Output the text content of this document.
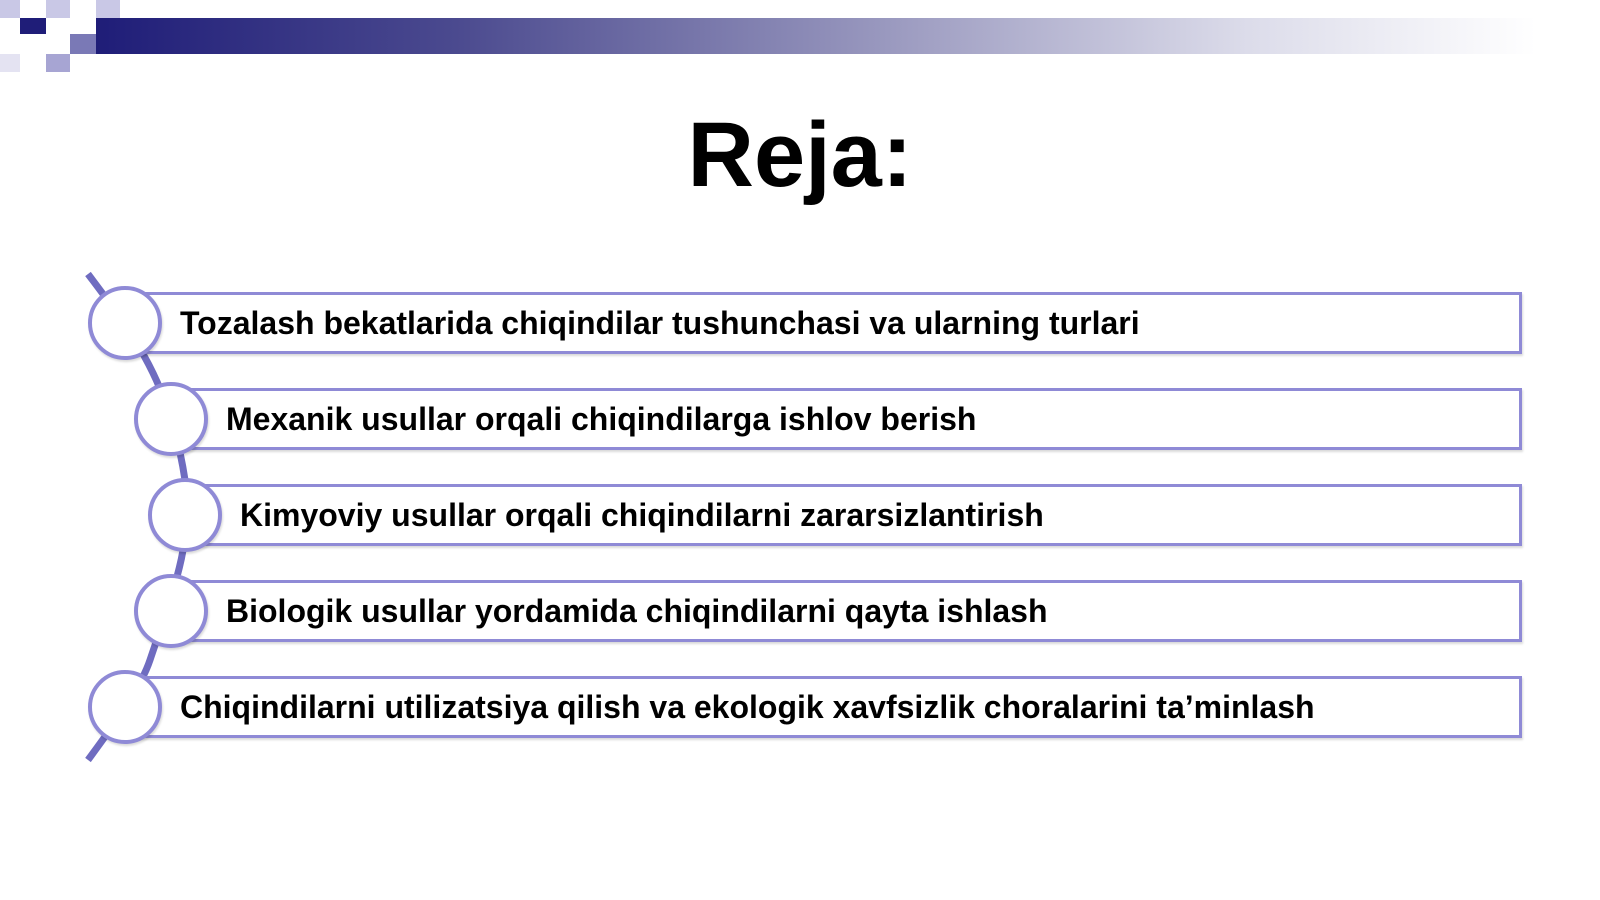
Reja:
Tozalash bekatlarida chiqindilar tushunchasi va ularning turlari
Mexanik usullar orqali chiqindilarga ishlov berish
Kimyoviy usullar orqali chiqindilarni zararsizlantirish
Biologik usullar yordamida chiqindilarni qayta ishlash
Chiqindilarni utilizatsiya qilish va ekologik xavfsizlik choralarini ta’minlash
